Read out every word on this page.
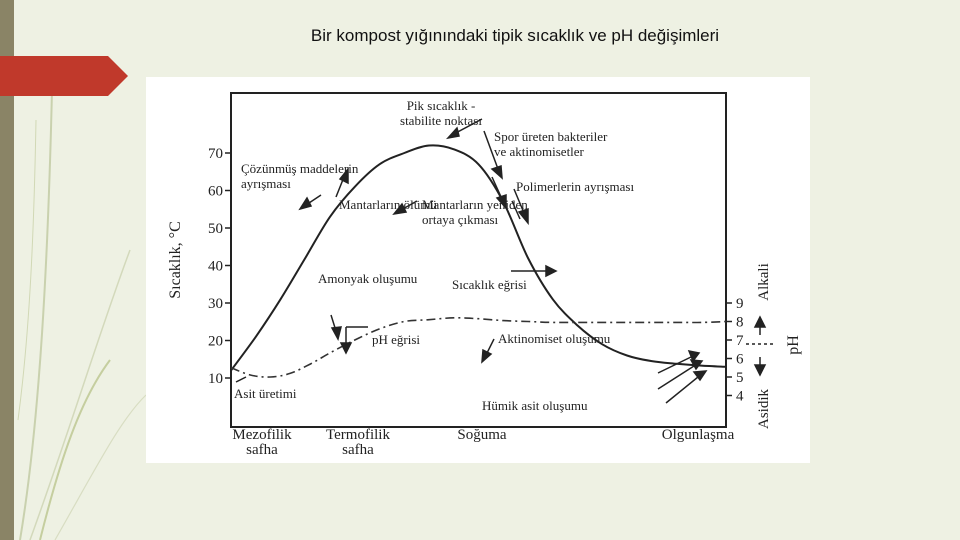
Bir kompost yığınındaki tipik sıcaklık ve pH değişimleri
10
20
30
40
50
60
70
4
5
6
7
8
9
Sıcaklık, °C
pH
Alkali
Asidik
Pik sıcaklık -stabilite noktası
Spor üreten bakteriler ve aktinomisetler
Polimerlerin ayrışması
Çözünmüş maddelerin ayrışması
Mantarların ölümü
Mantarların yeniden ortaya çıkması
Sıcaklık eğrisi
Amonyak oluşumu
pH eğrisi	Aktinomiset oluşumu
Asit üretimi
Hümik asit oluşumu
Mezofilik safha
Termofilik safha
Soğuma	Olgunlaşma
